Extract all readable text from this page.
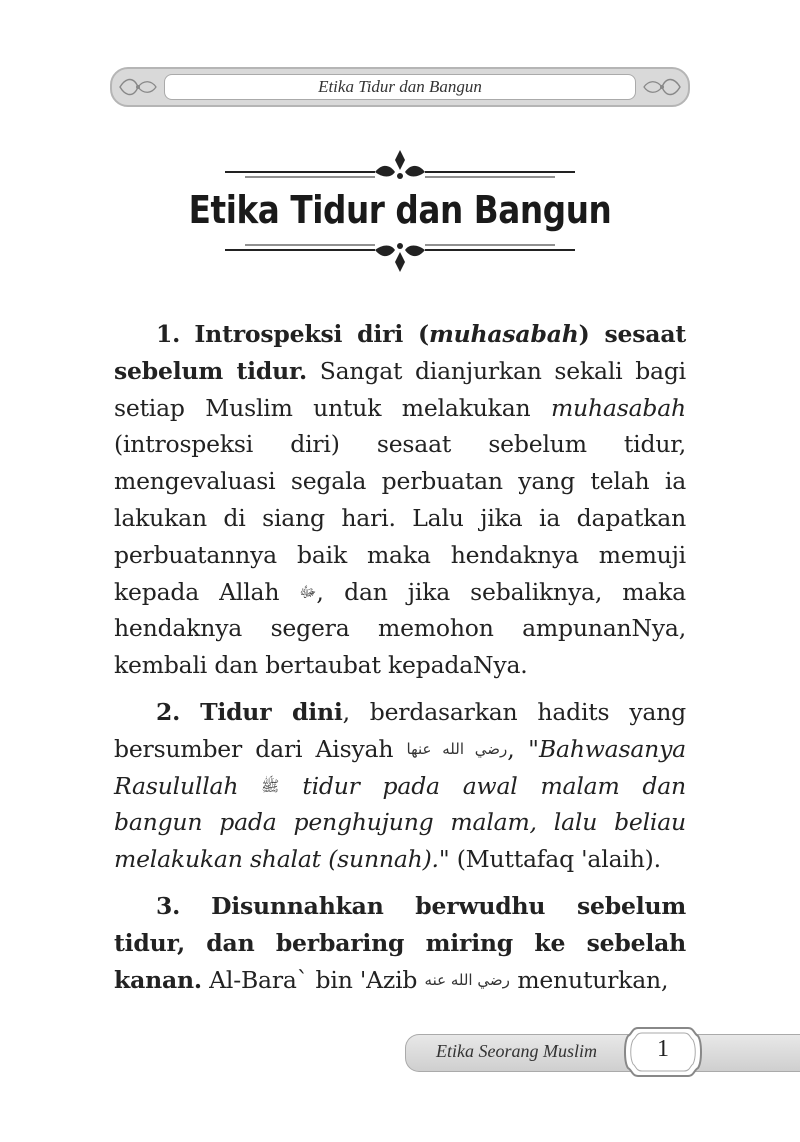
Etika Tidur dan Bangun
Etika Tidur dan Bangun

1. Introspeksi diri (muhasabah) sesaat sebelum tidur. Sangat dianjurkan sekali bagi setiap Muslim untuk melakukan muhasabah (introspeksi diri) sesaat sebelum tidur, mengevaluasi segala perbuatan yang telah ia lakukan di siang hari. Lalu jika ia dapatkan perbuatannya baik maka hendaknya memuji kepada Allah ﷻ, dan jika sebaliknya, maka hendaknya segera memohon ampunanNya, kembali dan bertaubat kepadaNya.

2. Tidur dini, berdasarkan hadits yang bersumber dari Aisyah رضي الله عنها, "Bahwasanya Rasulullah ﷺ tidur pada awal malam dan bangun pada penghujung malam, lalu beliau melakukan shalat (sunnah)." (Muttafaq 'alaih).

3. Disunnahkan berwudhu sebelum tidur, dan berbaring miring ke sebelah kanan. Al-Bara` bin 'Azib رضي الله عنه menuturkan,

Etika Seorang Muslim	1
